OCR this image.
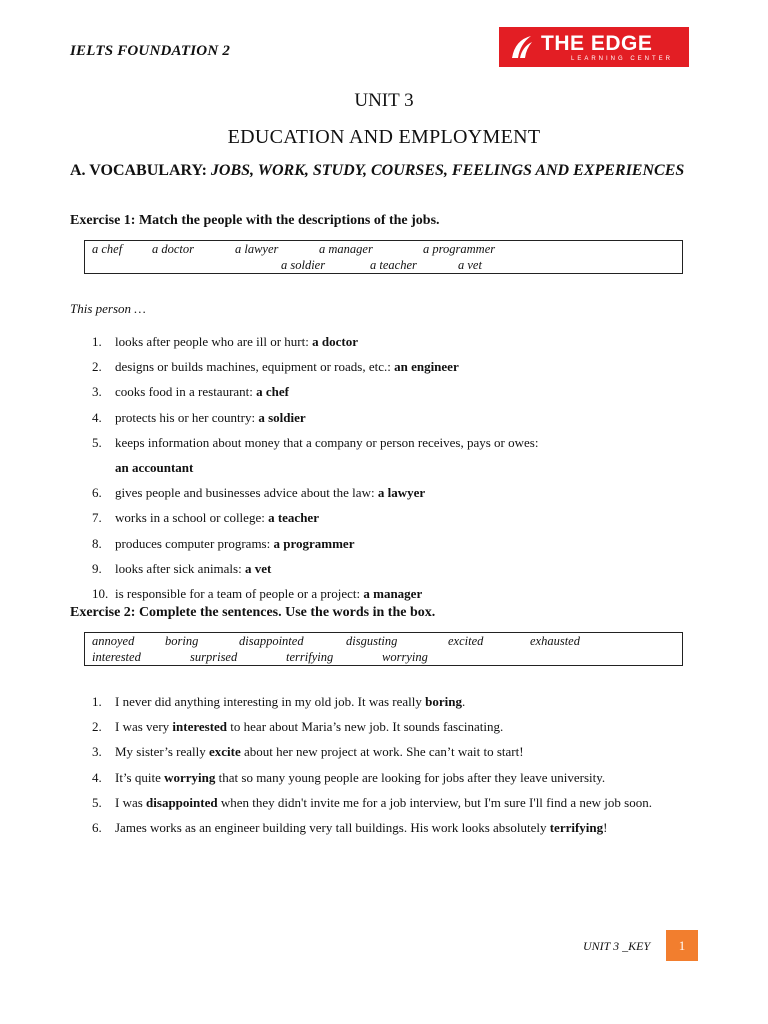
IELTS FOUNDATION 2	THE EDGE
LEARNING CENTER
UNIT 3
EDUCATION AND EMPLOYMENT
A. VOCABULARY: JOBS, WORK, STUDY, COURSES, FEELINGS AND EXPERIENCES
Exercise 1: Match the people with the descriptions of the jobs.
a chef a doctor	a lawyer	a manager	a programmer
a soldier	a teacher	a vet
This person …
1.	looks after people who are ill or hurt: a doctor
2.	designs or builds machines, equipment or roads, etc.: an engineer
3.	cooks food in a restaurant: a chef
4.	protects his or her country: a soldier
5.	keeps information about money that a company or person receives, pays or owes:
an accountant
6.	gives people and businesses advice about the law: a lawyer
7.	works in a school or college: a teacher
8.	produces computer programs: a programmer
9.	looks after sick animals: a vet
10. is responsible for a team of people or a project: a manager
Exercise 2: Complete the sentences. Use the words in the box.
annoyed boring	disappointed	disgusting	excited	exhausted
interested	surprised	terrifying	worrying
1.	I never did anything interesting in my old job. It was really boring.
2.	I was very interested to hear about Maria’s new job. It sounds fascinating.
3.	My sister’s really excite about her new project at work. She can’t wait to start!
4.	It’s quite worrying that so many young people are looking for jobs after they leave university.
5.	I was disappointed when they didn't invite me for a job interview, but I'm sure I'll find a new job soon.
6.	James works as an engineer building very tall buildings. His work looks absolutely terrifying!
UNIT 3 _KEY	1
